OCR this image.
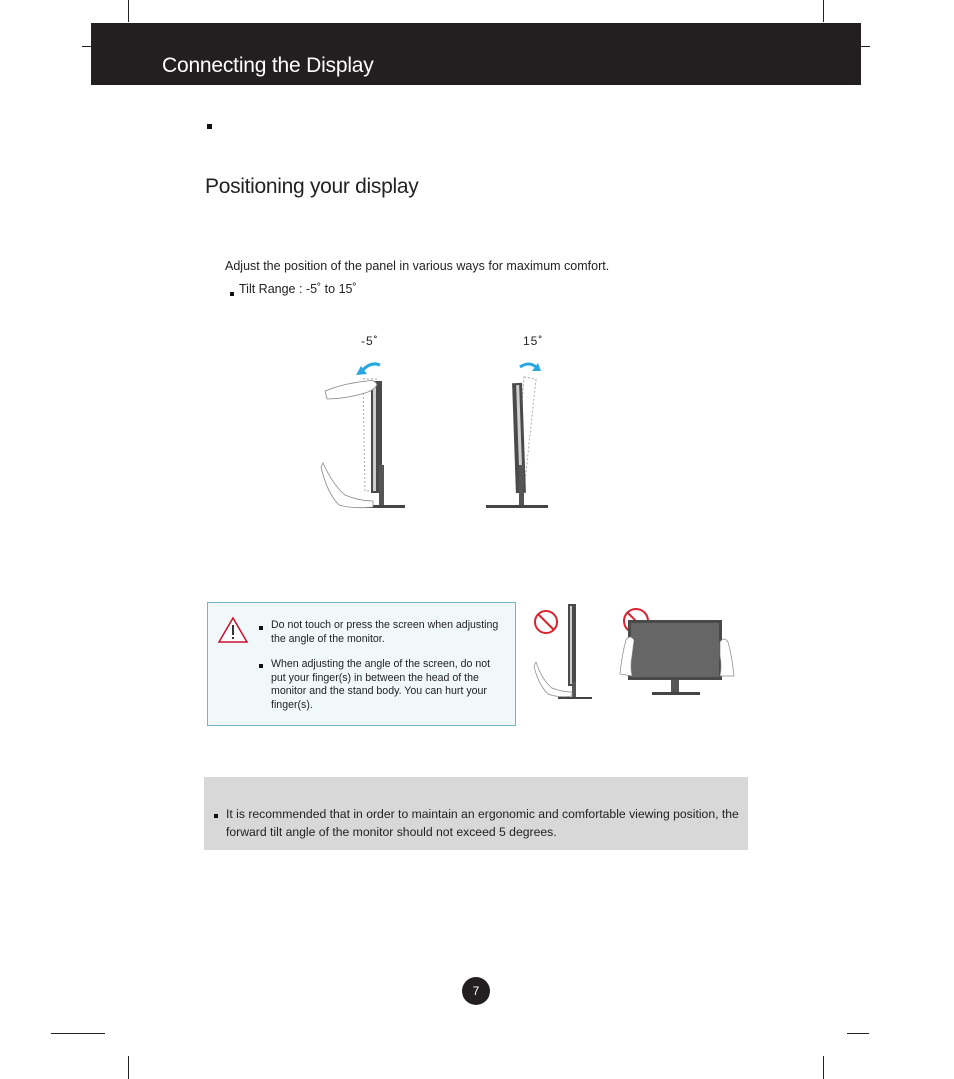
Connecting the Display
Positioning your display
Adjust the position of the panel in various ways for maximum comfort.
Tilt Range : -5˚ to 15˚
-5˚	15˚
Do not touch or press the screen when adjusting the angle of the monitor.
When adjusting the angle of the screen, do not put your finger(s) in between the head of the monitor and the stand body. You can hurt your finger(s).
It is recommended that in order to maintain an ergonomic and comfortable viewing position, the forward tilt angle of the monitor should not exceed 5 degrees.
7
